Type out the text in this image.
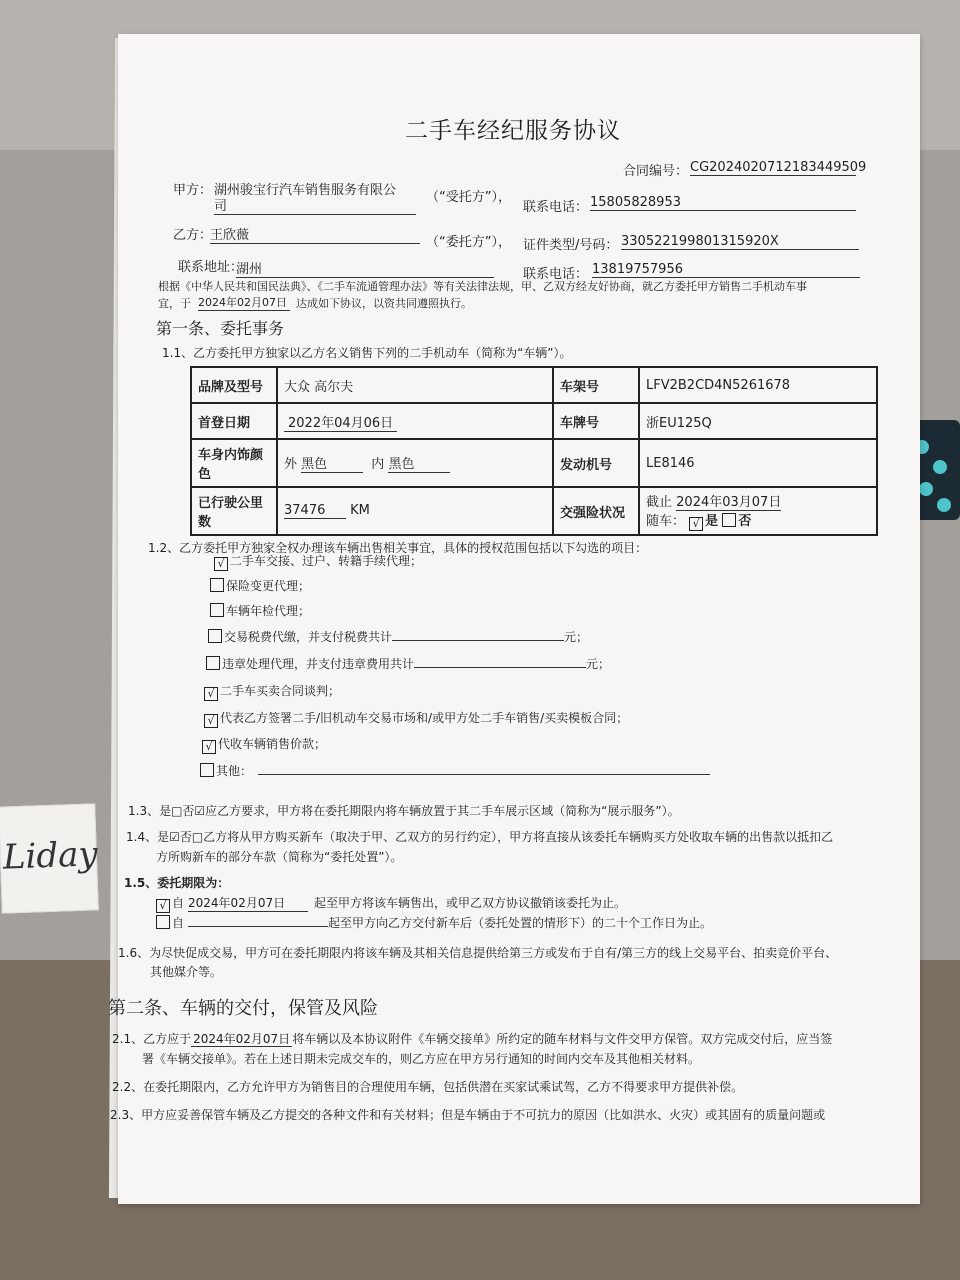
Liday
二手车经纪服务协议
合同编号： CG2024020712183449509
甲方： 湖州骏宝行汽车销售服务有限公
司
（“受托方”），
联系电话： 15805828953
乙方：
王欣薇	（“委托方”）， 证件类型/号码： 330522199801315920X
联系地址：
湖州	联系电话： 13819757956
根据《中华人民共和国民法典》、《二手车流通管理办法》等有关法律法规，甲、乙双方经友好协商，就乙方委托甲方销售二手机动车事
宜，于 2024年02月07日 达成如下协议，以资共同遵照执行。
第一条、委托事务
1.1、乙方委托甲方独家以乙方名义销售下列的二手机动车（简称为“车辆”）。
品牌及型号	大众 高尔夫	车架号	LFV2B2CD4N5261678
首登日期	2022年04月06日	车牌号	浙EU125Q
车身内饰颜色	外 黑色 内 黑色	发动机号	LE8146
已行驶公里数	37476 KM	交强险状况	截止 2024年03月07日
随车： √ 是 否
1.2、乙方委托甲方独家全权办理该车辆出售相关事宜，具体的授权范围包括以下勾选的项目：
√ 二手车交接、过户、转籍手续代理；
保险变更代理；
车辆年检代理；
交易税费代缴，并支付税费共计	元；
违章处理代理，并支付违章费用共计	元；
√ 二手车买卖合同谈判；
√ 代表乙方签署二手/旧机动车交易市场和/或甲方处二手车销售/买卖模板合同；
√ 代收车辆销售价款；
其他：
1.3、是□否☑应乙方要求，甲方将在委托期限内将车辆放置于其二手车展示区域（简称为“展示服务”）。
1.4、是☑否□乙方将从甲方购买新车（取决于甲、乙双方的另行约定），甲方将直接从该委托车辆购买方处收取车辆的出售款以抵扣乙
方所购新车的部分车款（简称为“委托处置”）。
1.5、委托期限为：
√ 自 2024年02月07日 起至甲方将该车辆售出，或甲乙双方协议撤销该委托为止。
自	起至甲方向乙方交付新车后（委托处置的情形下）的二十个工作日为止。
1.6、为尽快促成交易，甲方可在委托期限内将该车辆及其相关信息提供给第三方或发布于自有/第三方的线上交易平台、拍卖竞价平台、
其他媒介等。
第二条、车辆的交付，保管及风险
2.1、乙方应于 2024年02月07日 将车辆以及本协议附件《车辆交接单》所约定的随车材料与文件交甲方保管。双方完成交付后，应当签
署《车辆交接单》。若在上述日期未完成交车的，则乙方应在甲方另行通知的时间内交车及其他相关材料。
2.2、在委托期限内，乙方允许甲方为销售目的合理使用车辆，包括供潜在买家试乘试驾，乙方不得要求甲方提供补偿。
2.3、甲方应妥善保管车辆及乙方提交的各种文件和有关材料；但是车辆由于不可抗力的原因（比如洪水、火灾）或其固有的质量问题或
